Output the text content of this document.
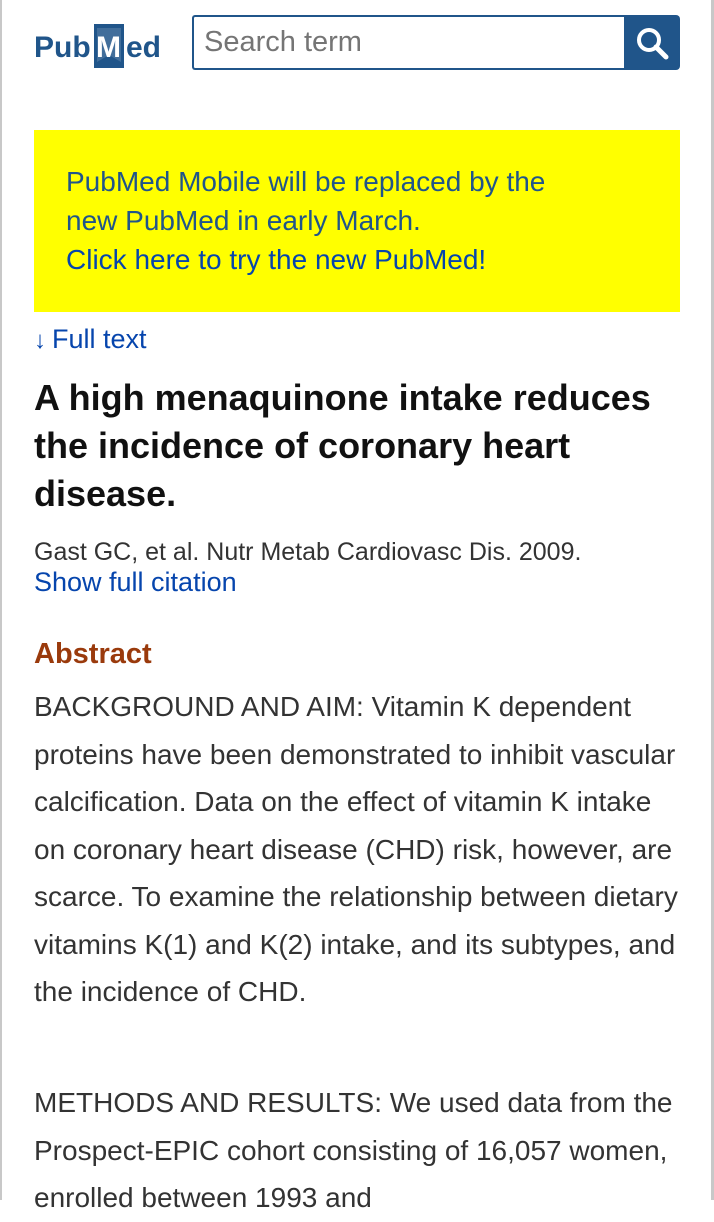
Pub M ed
Search term
PubMed Mobile will be replaced by the
new PubMed in early March.
Click here to try the new PubMed!
↓ Full text
A high menaquinone intake reduces the incidence of coronary heart disease.
Gast GC, et al. Nutr Metab Cardiovasc Dis. 2009.
Show full citation
Abstract

BACKGROUND AND AIM: Vitamin K dependent proteins have been demonstrated to inhibit vascular calcification. Data on the effect of vitamin K intake on coronary heart disease (CHD) risk, however, are scarce. To examine the relationship between dietary vitamins K(1) and K(2) intake, and its subtypes, and the incidence of CHD.

METHODS AND RESULTS: We used data from the Prospect-EPIC cohort consisting of 16,057 women, enrolled between 1993 and
